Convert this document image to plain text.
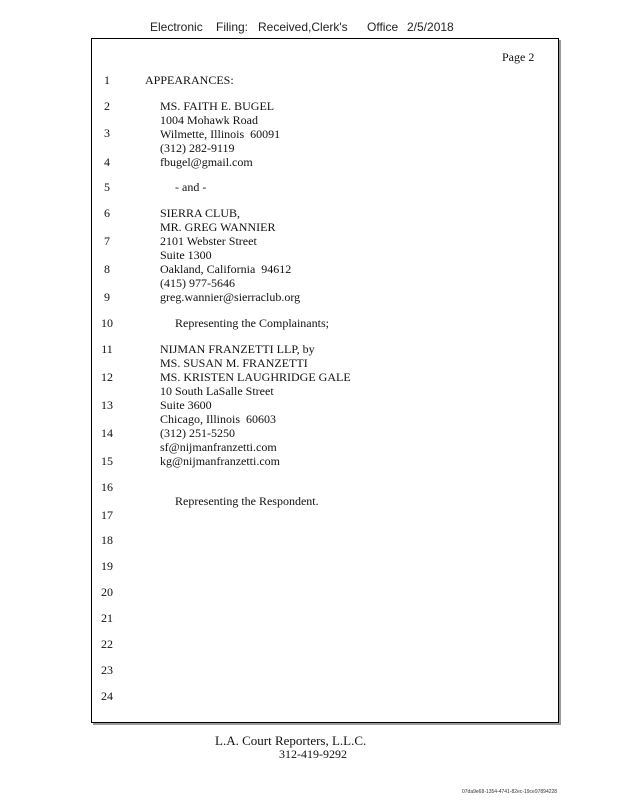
Electronic Filing: Received,Clerk's Office 2/5/2018
Page 2
1
2
3
4
5
6
7
8
9
10
11
12
13
14
15
16
17
18
19
20
21
22
23
24
APPEARANCES:
MS. FAITH E. BUGEL
1004 Mohawk Road
Wilmette, Illinois  60091
(312) 282-9119
fbugel@gmail.com
- and -
SIERRA CLUB,
MR. GREG WANNIER
2101 Webster Street
Suite 1300
Oakland, California  94612
(415) 977-5646
greg.wannier@sierraclub.org
Representing the Complainants;
NIJMAN FRANZETTI LLP, by
MS. SUSAN M. FRANZETTI
MS. KRISTEN LAUGHRIDGE GALE
10 South LaSalle Street
Suite 3600
Chicago, Illinois  60603
(312) 251-5250
sf@nijmanfranzetti.com
kg@nijmanfranzetti.com
Representing the Respondent.
L.A. Court Reporters, L.L.C.
312-419-9292
07da9e68-1354-4741-82ec-19ce97894228
